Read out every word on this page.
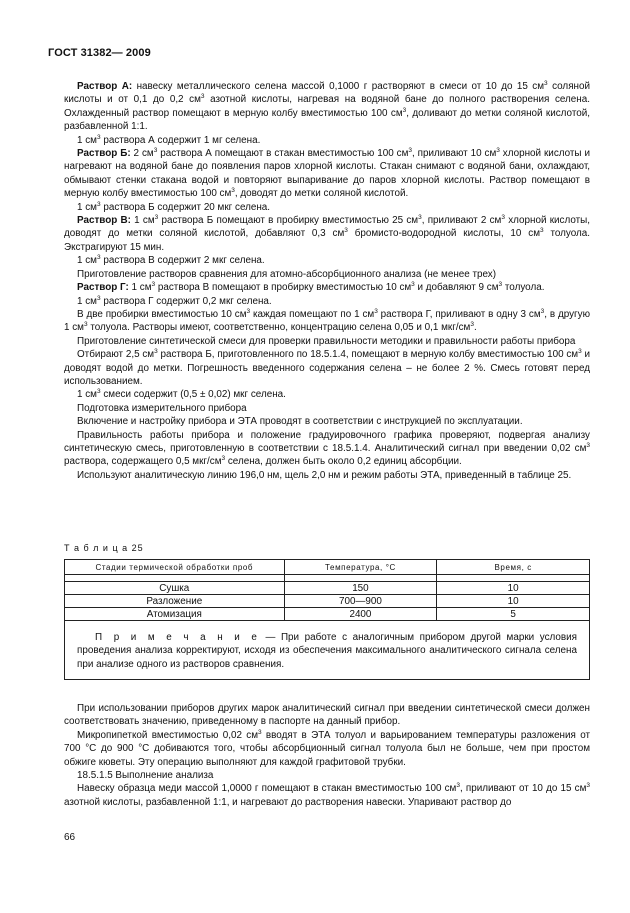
ГОСТ 31382— 2009

Раствор А: навеску металлического селена массой 0,1000 г растворяют в смеси от 10 до 15 $см^3$ соляной кислоты и от 0,1 до 0,2 $см^3$ азотной кислоты, нагревая на водяной бане до полного растворения селена. Охлажденный раствор помещают в мерную колбу вместимостью 100 $см^3$, доливают до метки соляной кислотой, разбавленной 1:1.

1 $см^3$ раствора А содержит 1 мг селена.

Раствор Б: 2 $см^3$ раствора А помещают в стакан вместимостью 100 $см^3$, приливают 10 $см^3$ хлорной кислоты и нагревают на водяной бане до появления паров хлорной кислоты. Стакан снимают с водяной бани, охлаждают, обмывают стенки стакана водой и повторяют выпаривание до паров хлорной кислоты. Раствор помещают в мерную колбу вместимостью 100 $см^3$, доводят до метки соляной кислотой.

1 $см^3$ раствора Б содержит 20 мкг селена.

Раствор В: 1 $см^3$ раствора Б помещают в пробирку вместимостью 25 $см^3$, приливают 2 $см^3$ хлорной кислоты, доводят до метки соляной кислотой, добавляют 0,3 $см^3$ бромисто-водородной кислоты, 10 $см^3$ толуола. Экстрагируют 15 мин.

1 $см^3$ раствора В содержит 2 мкг селена.

Приготовление растворов сравнения для атомно-абсорбционного анализа (не менее трех)

Раствор Г: 1 $см^3$ раствора В помещают в пробирку вместимостью 10 $см^3$ и добавляют 9 $см^3$ толуола.

1 $см^3$ раствора Г содержит 0,2 мкг селена.

В две пробирки вместимостью 10 $см^3$ каждая помещают по 1 $см^3$ раствора Г, приливают в одну 3 $см^3$, в другую 1 $см^3$ толуола. Растворы имеют, соответственно, концентрацию селена 0,05 и 0,1 мкг/$см^3$.

Приготовление синтетической смеси для проверки правильности методики и правильности работы прибора

Отбирают 2,5 $см^3$ раствора Б, приготовленного по 18.5.1.4, помещают в мерную колбу вместимостью 100 $см^3$ и доводят водой до метки. Погрешность введенного содержания селена – не более 2 %. Смесь готовят перед использованием.

1 $см^3$ смеси содержит (0,5 ± 0,02) мкг селена.

Подготовка измерительного прибора

Включение и настройку прибора и ЭТА проводят в соответствии с инструкцией по эксплуатации.

Правильность работы прибора и положение градуировочного графика проверяют, подвергая анализу синтетическую смесь, приготовленную в соответствии с 18.5.1.4. Аналитический сигнал при введении 0,02 $см^3$ раствора, содержащего 0,5 мкг/$см^3$ селена, должен быть около 0,2 единиц абсорбции.

Используют аналитическую линию 196,0 нм, щель 2,0 нм и режим работы ЭТА, приведенный в таблице 25.

Т а б л и ц а 25
Стадии термической обработки проб	Температура, °С	Время, с

Сушка	150	10
Разложение	700—900	10
Атомизация	2400	5
П р и м е ч а н и е — При работе с аналогичным прибором другой марки условия проведения анализа корректируют, исходя из обеспечения максимального аналитического сигнала селена при анализе одного из растворов сравнения.		

При использовании приборов других марок аналитический сигнал при введении синтетической смеси должен соответствовать значению, приведенному в паспорте на данный прибор.

Микропипеткой вместимостью 0,02 $см^3$ вводят в ЭТА толуол и варьированием температуры разложения от 700 °С до 900 °С добиваются того, чтобы абсорбционный сигнал толуола был не больше, чем при простом обжиге кюветы. Эту операцию выполняют для каждой графитовой трубки.

18.5.1.5 Выполнение анализа

Навеску образца меди массой 1,0000 г помещают в стакан вместимостью 100 $см^3$, приливают от 10 до 15 $см^3$ азотной кислоты, разбавленной 1:1, и нагревают до растворения навески. Упаривают раствор до

66
